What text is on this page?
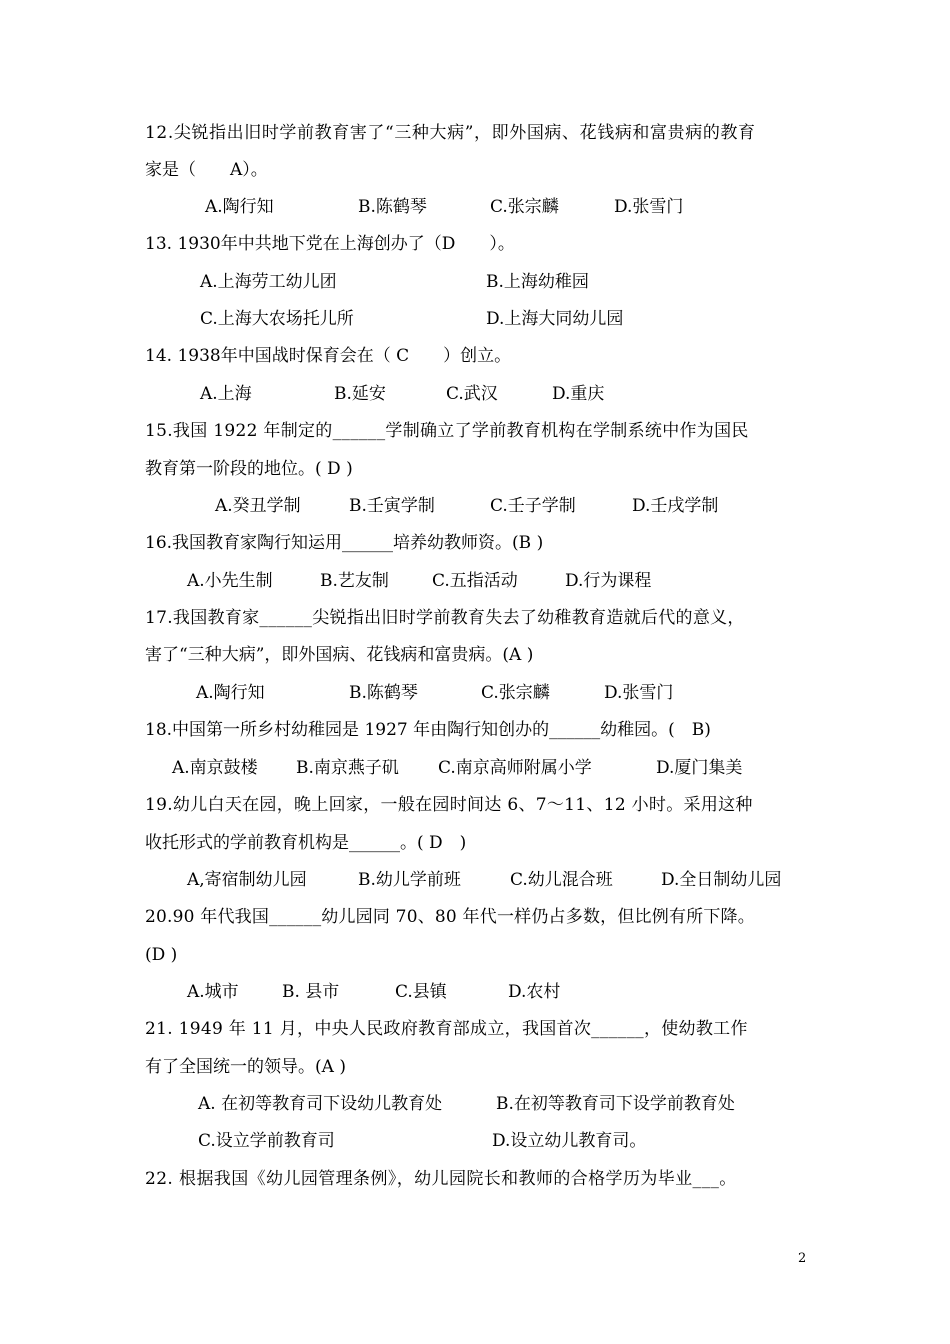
12.尖锐指出旧时学前教育害了“三种大病”，即外国病、花钱病和富贵病的教育
家是（　　A）。
A.陶行知	B.陈鹤琴	C.张宗麟	D.张雪门
13. 1930年中共地下党在上海创办了（D　　）。
A.上海劳工幼儿团	B.上海幼稚园
C.上海大农场托儿所	D.上海大同幼儿园
14. 1938年中国战时保育会在（ C　　）创立。
A.上海	B.延安	C.武汉	D.重庆
15.我国 1922 年制定的______学制确立了学前教育机构在学制系统中作为国民
教育第一阶段的地位。( D )
A.癸丑学制	B.壬寅学制	C.壬子学制	D.壬戌学制
16.我国教育家陶行知运用______培养幼教师资。(B )
A.小先生制	B.艺友制	C.五指活动	D.行为课程
17.我国教育家______尖锐指出旧时学前教育失去了幼稚教育造就后代的意义，
害了“三种大病”，即外国病、花钱病和富贵病。(A )
A.陶行知	B.陈鹤琴	C.张宗麟	D.张雪门
18.中国第一所乡村幼稚园是 1927 年由陶行知创办的______幼稚园。(　B)
A.南京鼓楼 B.南京燕子矶 C.南京高师附属小学	D.厦门集美
19.幼儿白天在园，晚上回家，一般在园时间达 6、7～11、12 小时。采用这种
收托形式的学前教育机构是______。( D　)
A,寄宿制幼儿园	B.幼儿学前班	C.幼儿混合班	D.全日制幼儿园
20.90 年代我国______幼儿园同 70、80 年代一样仍占多数，但比例有所下降。
(D )
A.城市	B. 县市	C.县镇	D.农村
21. 1949 年 11 月，中央人民政府教育部成立，我国首次______，使幼教工作
有了全国统一的领导。(A )
A. 在初等教育司下设幼儿教育处	B.在初等教育司下设学前教育处
C.设立学前教育司	D.设立幼儿教育司。
22. 根据我国《幼儿园管理条例》，幼儿园院长和教师的合格学历为毕业___。
2
